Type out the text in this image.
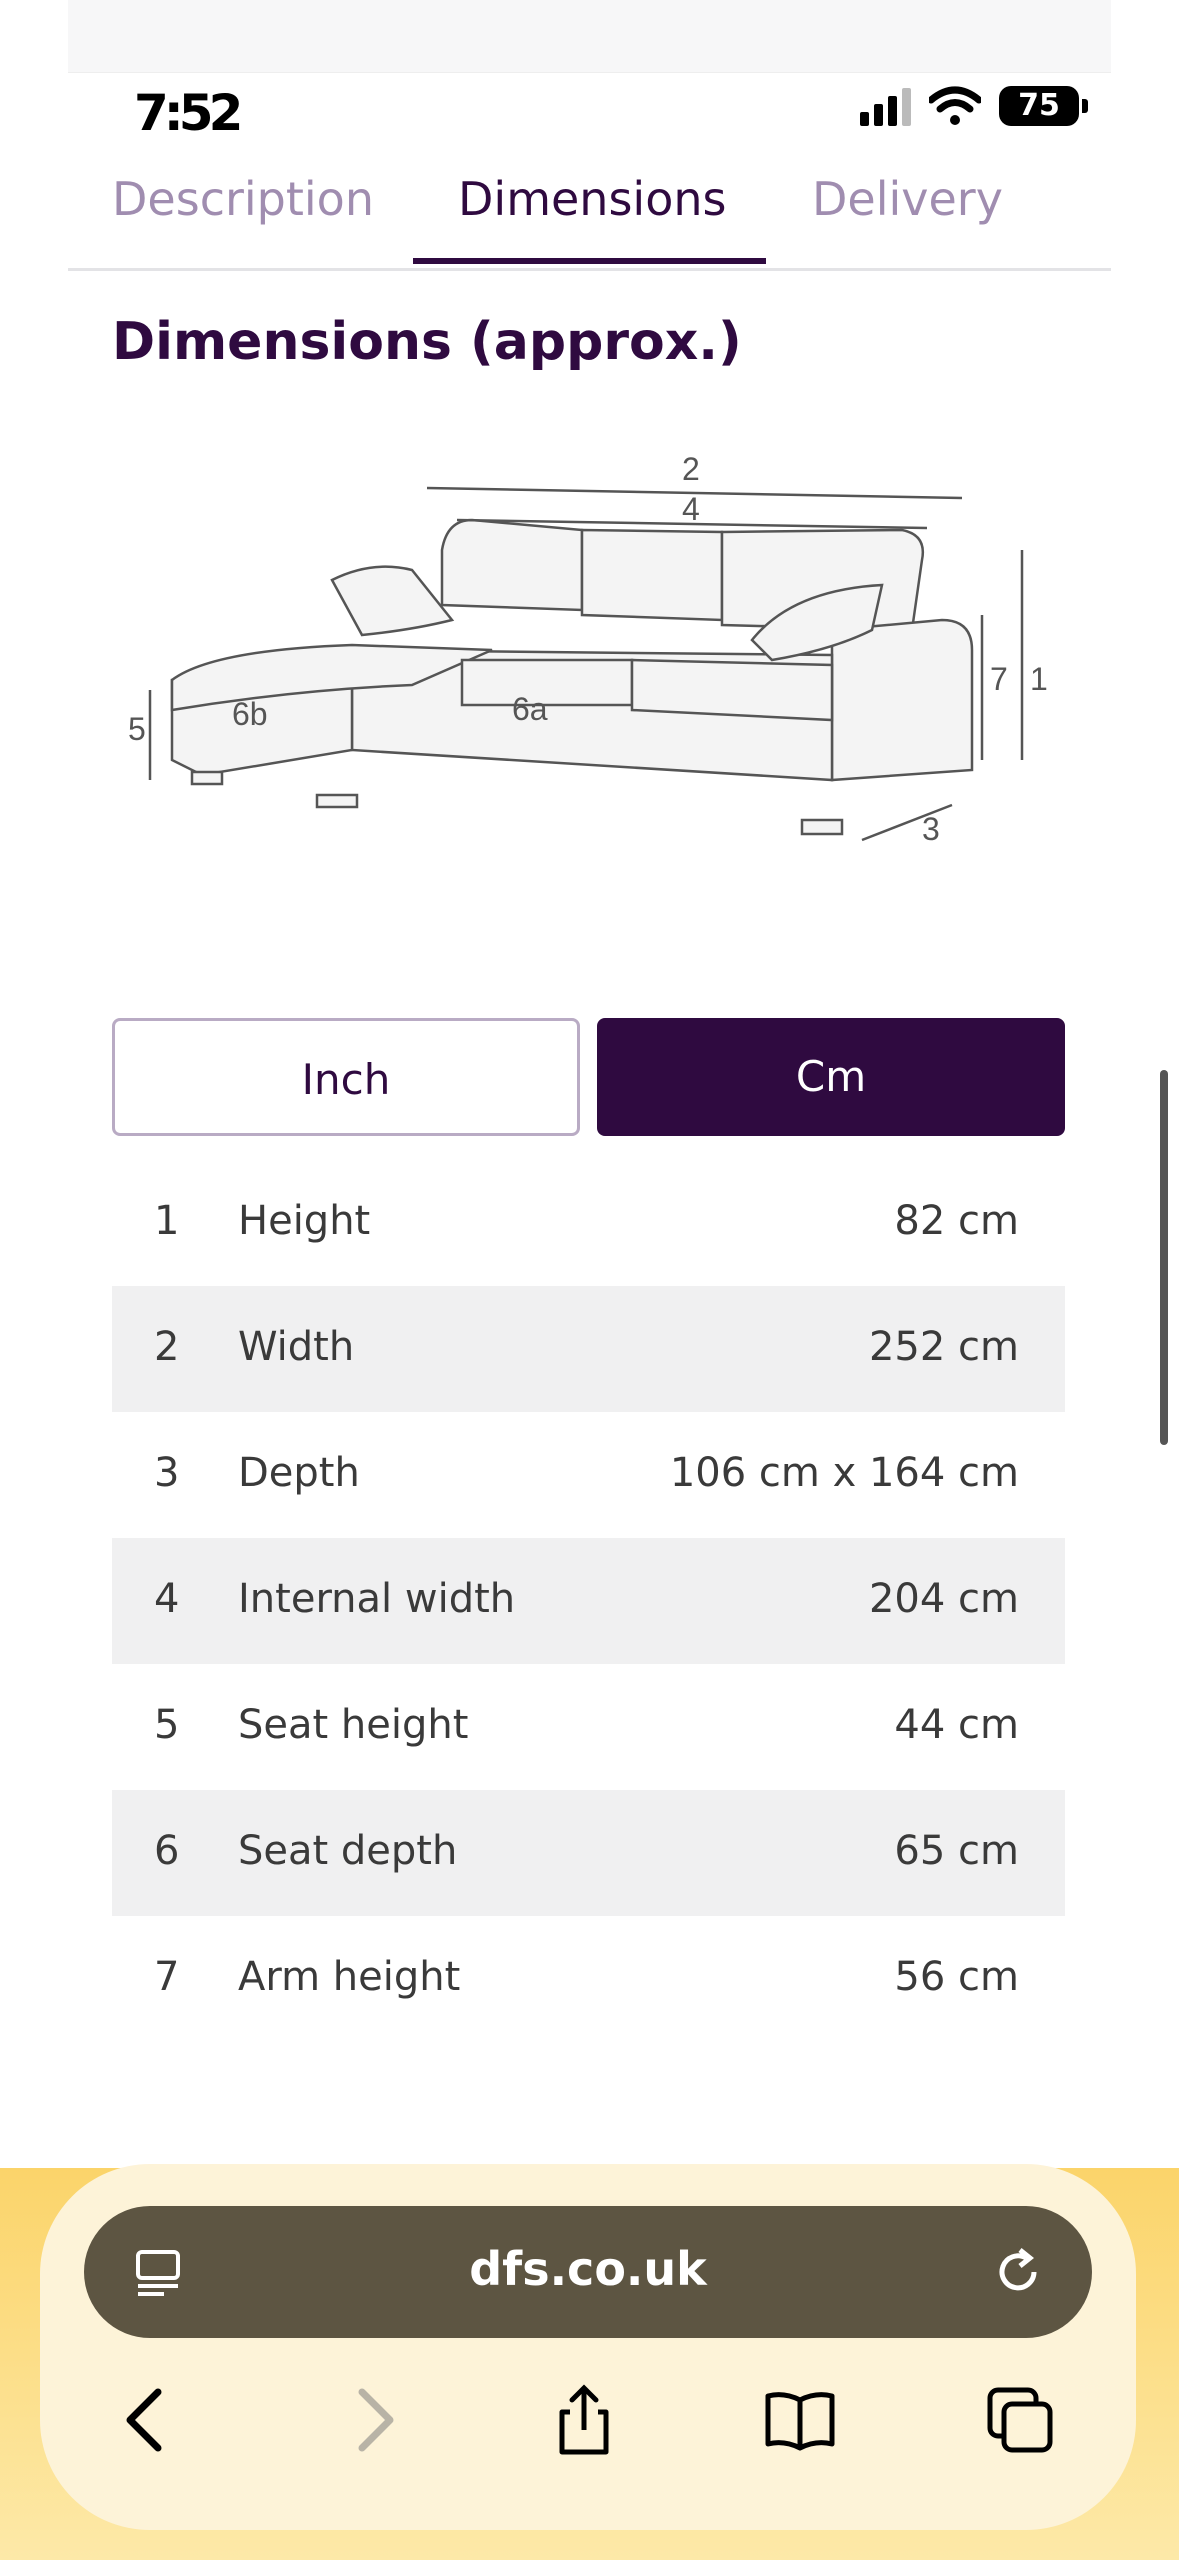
7:52	75
Description Dimensions Delivery
Dimensions (approx.)
2
4
1
7
5	6b	6a
3
Inch	Cm
1 Height	82 cm
2 Width	252 cm
3 Depth	106 cm x 164 cm
4 Internal width	204 cm
5 Seat height	44 cm
6 Seat depth	65 cm
7 Arm height	56 cm
dfs.co.uk
